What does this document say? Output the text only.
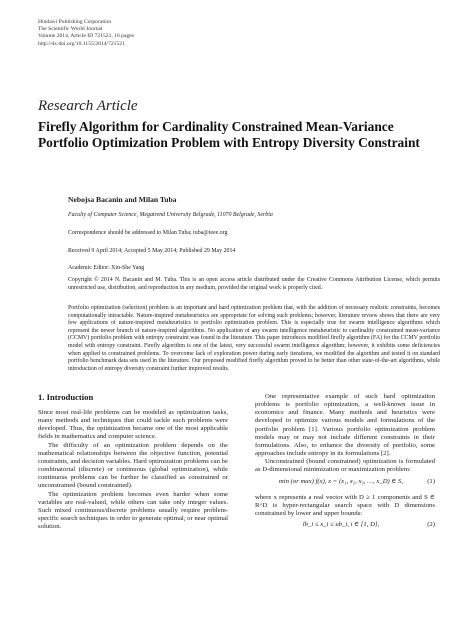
Hindawi Publishing Corporation
The Scientific World Journal
Volume 2014, Article ID 721521, 16 pages
http://dx.doi.org/10.1155/2014/721521
Research Article
Firefly Algorithm for Cardinality Constrained Mean-Variance Portfolio Optimization Problem with Entropy Diversity Constraint
Nebojsa Bacanin and Milan Tuba
Faculty of Computer Science, Megatrend University Belgrade, 11070 Belgrade, Serbia
Correspondence should be addressed to Milan Tuba; tuba@ieee.org
Received 9 April 2014; Accepted 5 May 2014; Published 29 May 2014
Academic Editor: Xin-She Yang
Copyright © 2014 N. Bacanin and M. Tuba. This is an open access article distributed under the Creative Commons Attribution License, which permits unrestricted use, distribution, and reproduction in any medium, provided the original work is properly cited.
Portfolio optimization (selection) problem is an important and hard optimization problem that, with the addition of necessary realistic constraints, becomes computationally intractable. Nature-inspired metaheuristics are appropriate for solving such problems; however, literature review shows that there are very few applications of nature-inspired metaheuristics to portfolio optimization problem. This is especially true for swarm intelligence algorithms which represent the newer branch of nature-inspired algorithms. No application of any swarm intelligence metaheuristic to cardinality constrained mean-variance (CCMV) portfolio problem with entropy constraint was found in the literature. This paper introduces modified firefly algorithm (FA) for the CCMV portfolio model with entropy constraint. Firefly algorithm is one of the latest, very successful swarm intelligence algorithm; however, it exhibits some deficiencies when applied to constrained problems. To overcome lack of exploration power during early iterations, we modified the algorithm and tested it on standard portfolio benchmark data sets used in the literature. Our proposed modified firefly algorithm proved to be better than other state-of-the-art algorithms, while introduction of entropy diversity constraint further improved results.
1. Introduction

Since most real-life problems can be modeled as optimization tasks, many methods and techniques that could tackle such problems were developed. Thus, the optimization became one of the most applicable fields in mathematics and computer science.

The difficulty of an optimization problem depends on the mathematical relationships between the objective function, potential constraints, and decision variables. Hard optimization problems can be combinatorial (discrete) or continuous (global optimization), while continuous problems can be further be classified as constrained or unconstrained (bound constrained).

The optimization problem becomes even harder when some variables are real-valued, while others can take only integer values. Such mixed continuous/discrete problems usually require problem-specific search techniques in order to generate optimal, or near optimal solution.

One representative example of such hard optimization problems is portfolio optimization, a well-known issue in economics and finance. Many methods and heuristics were developed to optimize various models and formulations of the portfolio problem [1]. Various portfolio optimization problem models may or may not include different constraints in their formulations. Also, to enhance the diversity of portfolio, some approaches include entropy in its formulations [2].

Unconstrained (bound constrained) optimization is formulated as D-dimensional minimization or maximization problem:

min (or max) f(x), x = (x₁, x₂, x₃, …, x_D) ∈ S,	(1)

where x represents a real vector with D ≥ 1 components and S ∈ R^D is hyper-rectangular search space with D dimensions constrained by lower and upper bounds:

lb_i ≤ x_i ≤ ub_i, i ∈ [1, D],	(2)
